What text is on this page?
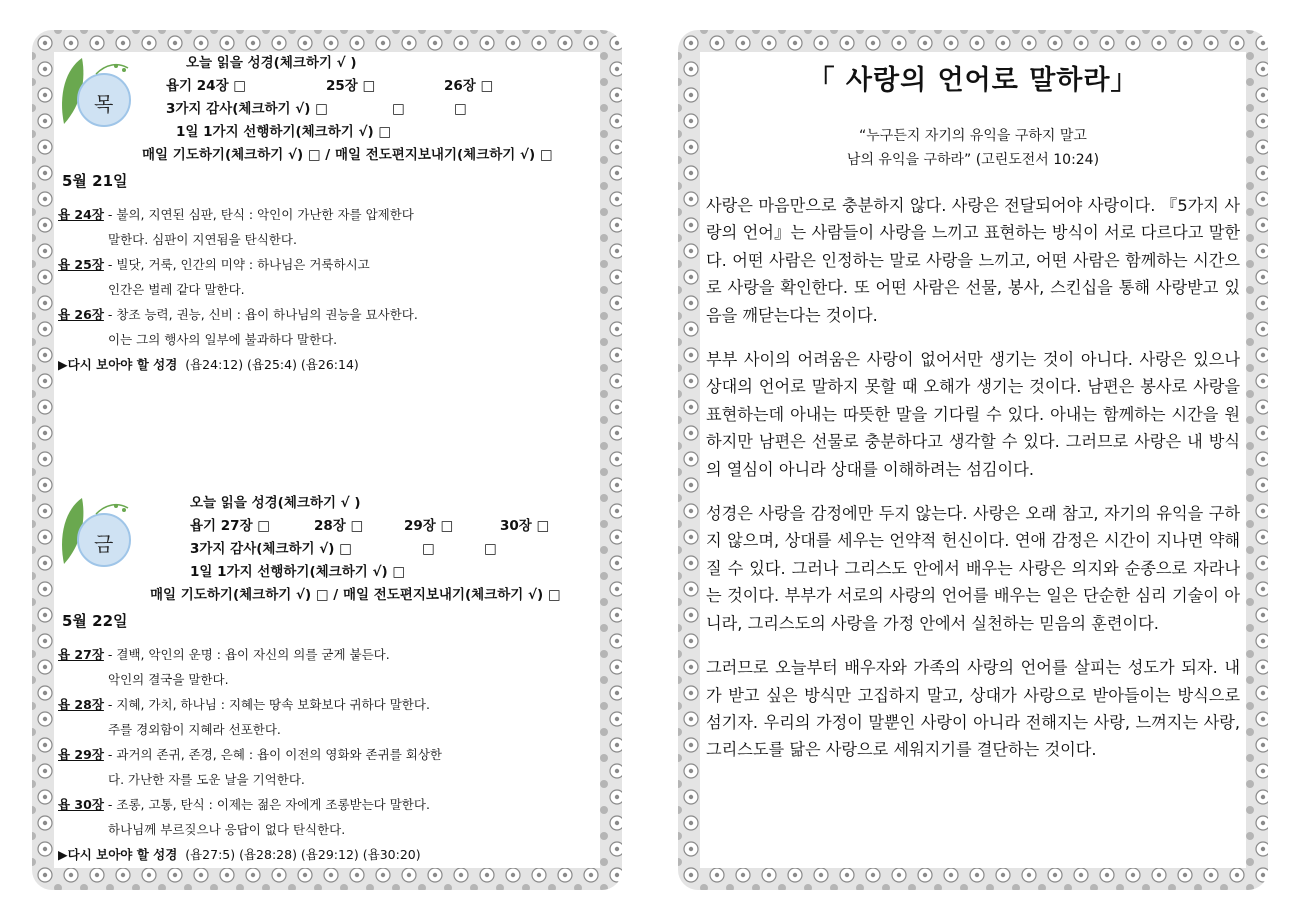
목
오늘 읽을 성경(체크하기 √ )
욥기 24장 □	25장 □	26장 □
3가지 감사(체크하기 √) □	□	□
1일 1가지 선행하기(체크하기 √) □
매일 기도하기(체크하기 √) □ / 매일 전도편지보내기(체크하기 √) □
5월 21일
욥 24장 - 불의, 지연된 심판, 탄식 : 악인이 가난한 자를 압제한다
말한다. 심판이 지연됨을 탄식한다.
욥 25장 - 빌닷, 거룩, 인간의 미약 : 하나님은 거룩하시고
인간은 벌레 같다 말한다.
욥 26장 - 창조 능력, 권능, 신비 : 욥이 하나님의 권능을 묘사한다.
이는 그의 행사의 일부에 불과하다 말한다.
▶다시 보아야 할 성경 (욥24:12) (욥25:4) (욥26:14)
금
오늘 읽을 성경(체크하기 √ )
욥기 27장 □	28장 □	29장 □	30장 □
3가지 감사(체크하기 √) □	□	□
1일 1가지 선행하기(체크하기 √) □
매일 기도하기(체크하기 √) □ / 매일 전도편지보내기(체크하기 √) □
5월 22일
욥 27장 - 결백, 악인의 운명 : 욥이 자신의 의를 굳게 붙든다.
악인의 결국을 말한다.
욥 28장 - 지혜, 가치, 하나님 : 지혜는 땅속 보화보다 귀하다 말한다.
주를 경외함이 지혜라 선포한다.
욥 29장 - 과거의 존귀, 존경, 은혜 : 욥이 이전의 영화와 존귀를 회상한
다. 가난한 자를 도운 날을 기억한다.
욥 30장 - 조롱, 고통, 탄식 : 이제는 젊은 자에게 조롱받는다 말한다.
하나님께 부르짖으나 응답이 없다 탄식한다.
▶다시 보아야 할 성경 (욥27:5) (욥28:28) (욥29:12) (욥30:20)
「 사랑의 언어로 말하라」
“누구든지 자기의 유익을 구하지 말고
남의 유익을 구하라” (고린도전서 10:24)

사랑은 마음만으로 충분하지 않다. 사랑은 전달되어야 사랑이다. 『5가지 사랑의 언어』는 사람들이 사랑을 느끼고 표현하는 방식이 서로 다르다고 말한다. 어떤 사람은 인정하는 말로 사랑을 느끼고, 어떤 사람은 함께하는 시간으로 사랑을 확인한다. 또 어떤 사람은 선물, 봉사, 스킨십을 통해 사랑받고 있음을 깨닫는다는 것이다.

부부 사이의 어려움은 사랑이 없어서만 생기는 것이 아니다. 사랑은 있으나 상대의 언어로 말하지 못할 때 오해가 생기는 것이다. 남편은 봉사로 사랑을 표현하는데 아내는 따뜻한 말을 기다릴 수 있다. 아내는 함께하는 시간을 원하지만 남편은 선물로 충분하다고 생각할 수 있다. 그러므로 사랑은 내 방식의 열심이 아니라 상대를 이해하려는 섬김이다.

성경은 사랑을 감정에만 두지 않는다. 사랑은 오래 참고, 자기의 유익을 구하지 않으며, 상대를 세우는 언약적 헌신이다. 연애 감정은 시간이 지나면 약해질 수 있다. 그러나 그리스도 안에서 배우는 사랑은 의지와 순종으로 자라나는 것이다. 부부가 서로의 사랑의 언어를 배우는 일은 단순한 심리 기술이 아니라, 그리스도의 사랑을 가정 안에서 실천하는 믿음의 훈련이다.

그러므로 오늘부터 배우자와 가족의 사랑의 언어를 살피는 성도가 되자. 내가 받고 싶은 방식만 고집하지 말고, 상대가 사랑으로 받아들이는 방식으로 섬기자. 우리의 가정이 말뿐인 사랑이 아니라 전해지는 사랑, 느껴지는 사랑, 그리스도를 닮은 사랑으로 세워지기를 결단하는 것이다.
